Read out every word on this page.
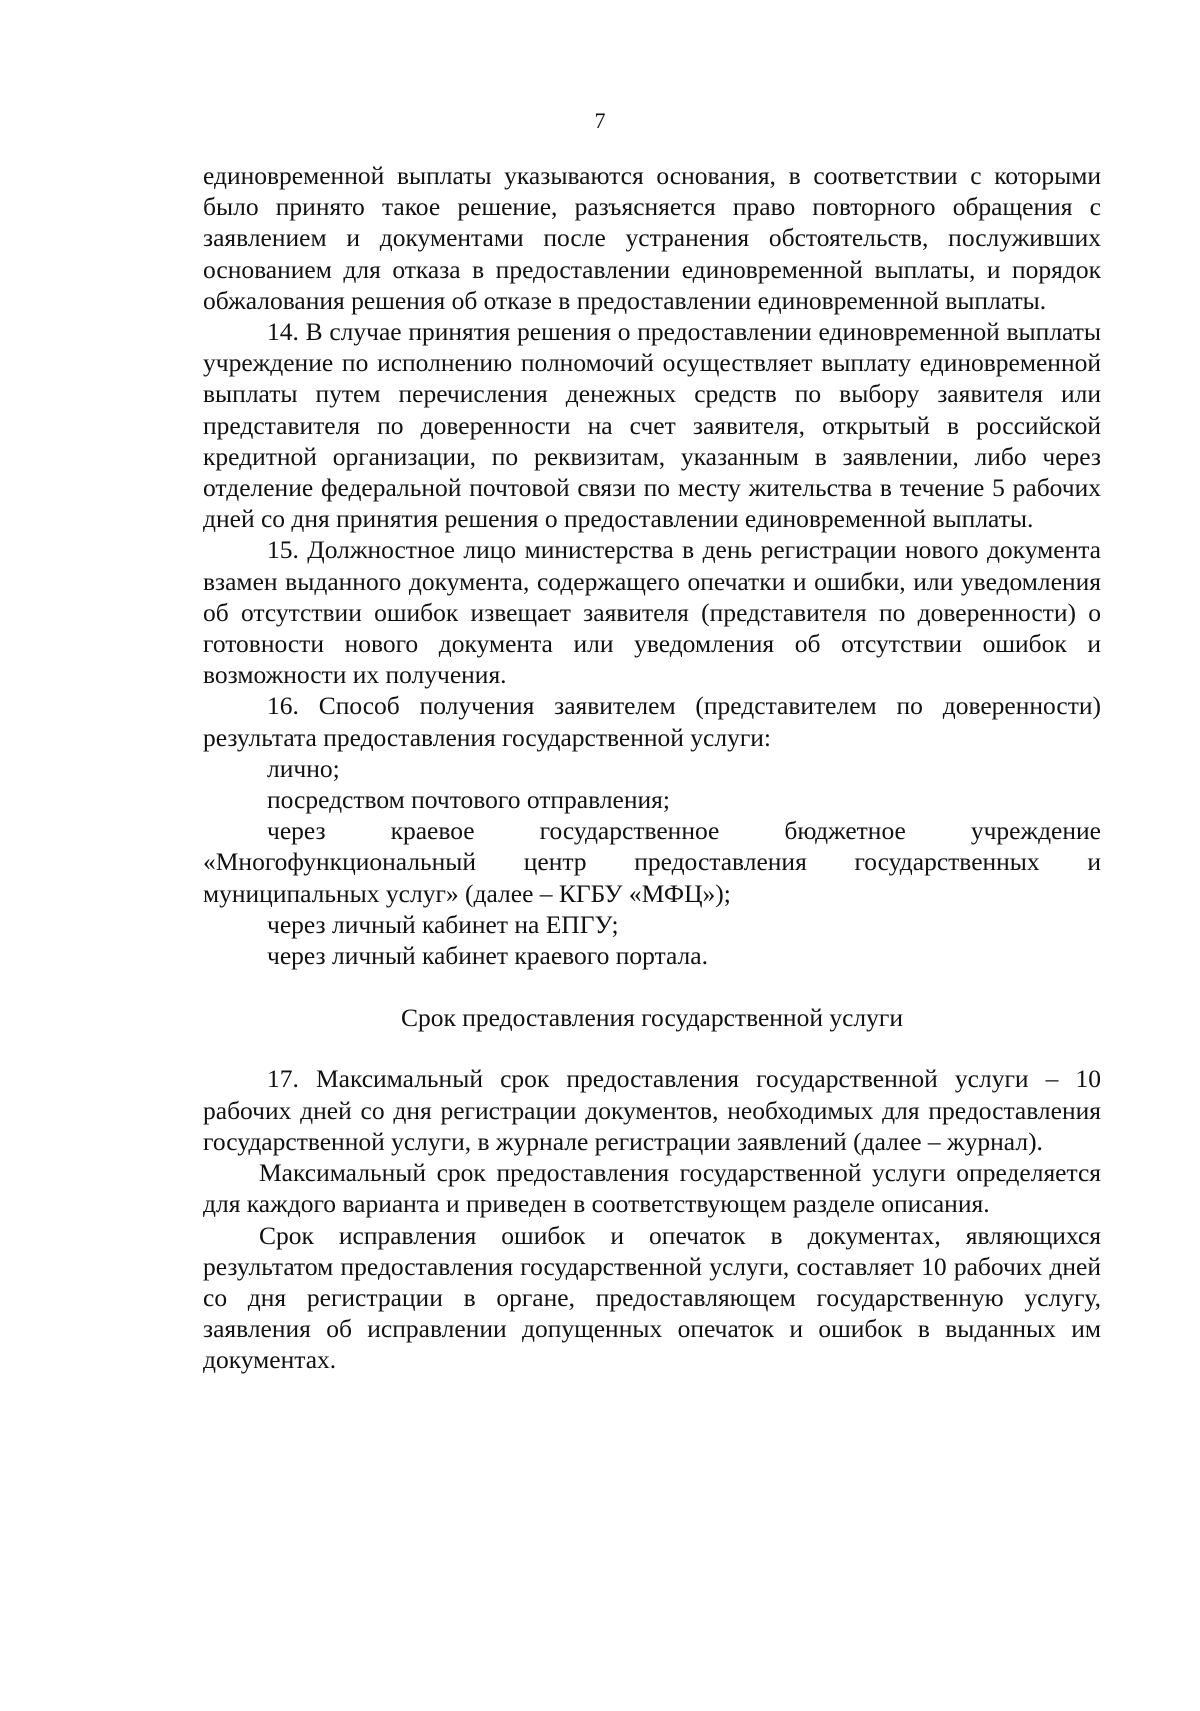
7

единовременной выплаты указываются основания, в соответствии с которыми было принято такое решение, разъясняется право повторного обращения с заявлением и документами после устранения обстоятельств, послуживших основанием для отказа в предоставлении единовременной выплаты, и порядок обжалования решения об отказе в предоставлении единовременной выплаты.

14. В случае принятия решения о предоставлении единовременной выплаты учреждение по исполнению полномочий осуществляет выплату единовременной выплаты путем перечисления денежных средств по выбору заявителя или представителя по доверенности на счет заявителя, открытый в российской кредитной организации, по реквизитам, указанным в заявлении, либо через отделение федеральной почтовой связи по месту жительства в течение 5 рабочих дней со дня принятия решения о предоставлении единовременной выплаты.

15. Должностное лицо министерства в день регистрации нового документа взамен выданного документа, содержащего опечатки и ошибки, или уведомления об отсутствии ошибок извещает заявителя (представителя по доверенности) о готовности нового документа или уведомления об отсутствии ошибок и возможности их получения.

16. Способ получения заявителем (представителем по доверенности) результата предоставления государственной услуги:

лично;

посредством почтового отправления;

через краевое государственное бюджетное учреждение «Многофункциональный центр предоставления государственных и муниципальных услуг» (далее – КГБУ «МФЦ»);

через личный кабинет на ЕПГУ;

через личный кабинет краевого портала.

Срок предоставления государственной услуги

17. Максимальный срок предоставления государственной услуги – 10 рабочих дней со дня регистрации документов, необходимых для предоставления государственной услуги, в журнале регистрации заявлений (далее – журнал).

Максимальный срок предоставления государственной услуги определяется для каждого варианта и приведен в соответствующем разделе описания.

Срок исправления ошибок и опечаток в документах, являющихся результатом предоставления государственной услуги, составляет 10 рабочих дней со дня регистрации в органе, предоставляющем государственную услугу, заявления об исправлении допущенных опечаток и ошибок в выданных им документах.
